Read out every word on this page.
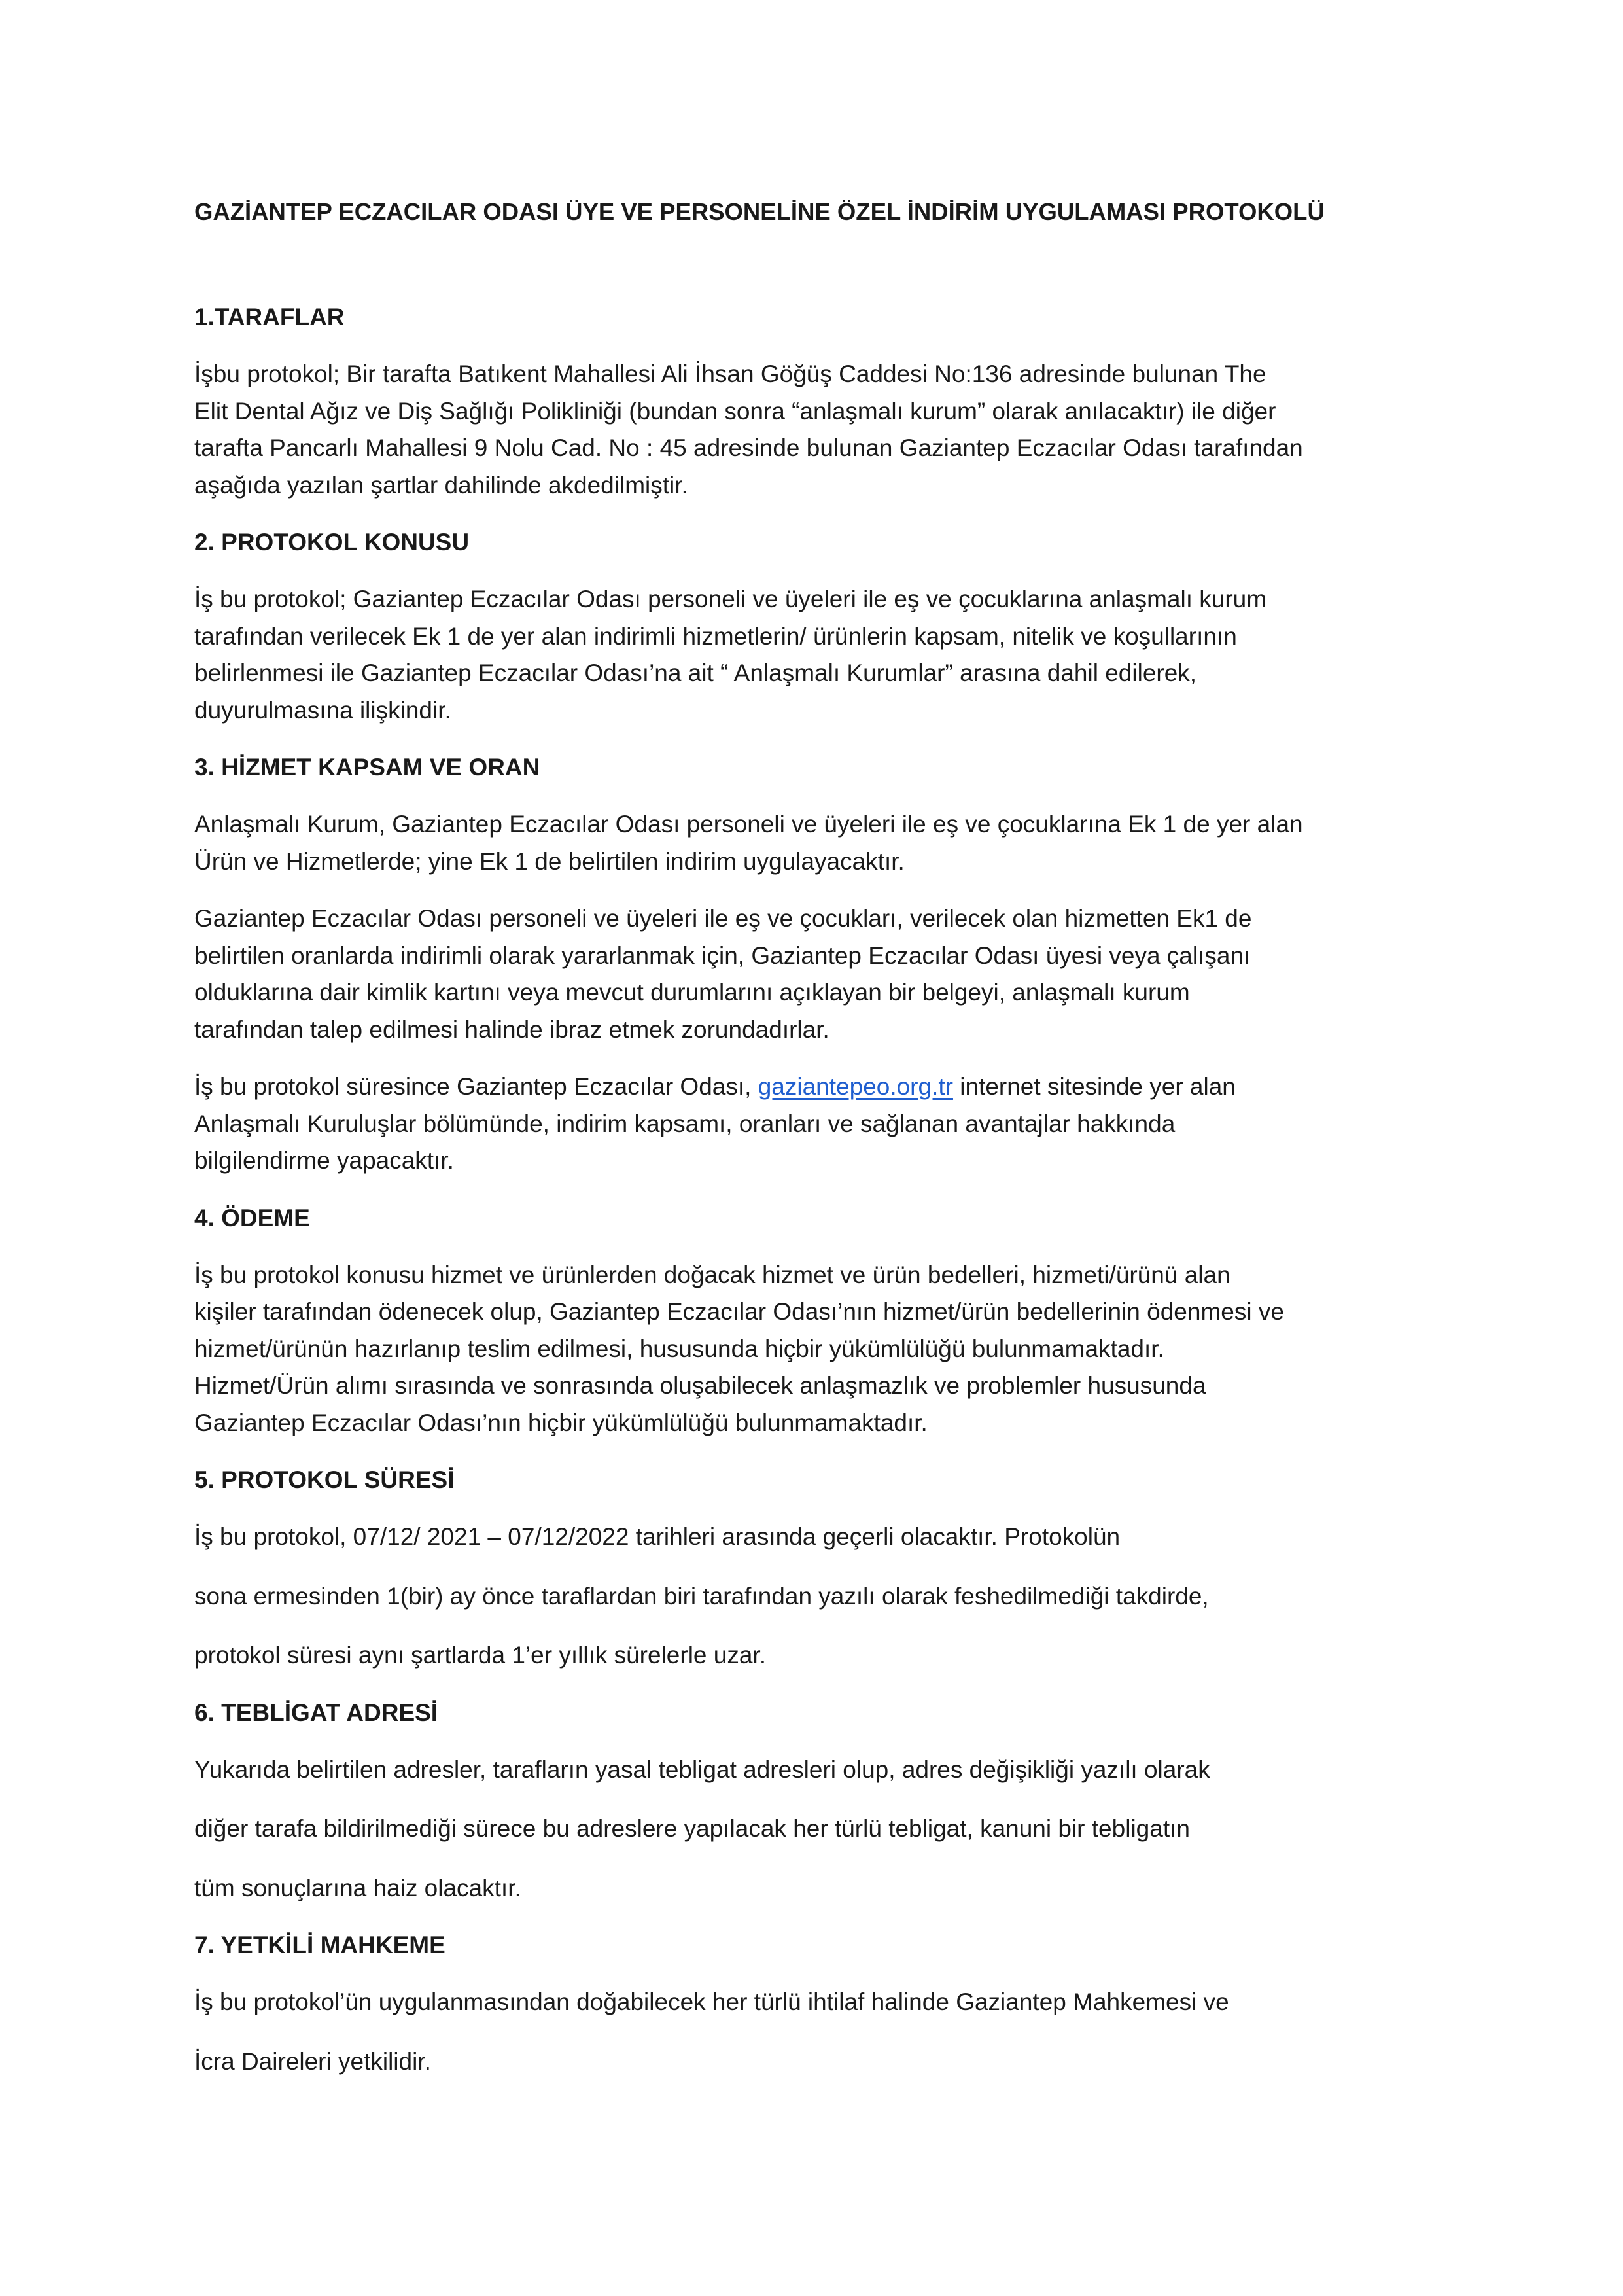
GAZİANTEP ECZACILAR ODASI ÜYE VE PERSONELİNE ÖZEL İNDİRİM UYGULAMASI PROTOKOLÜ
1.TARAFLAR
İşbu protokol; Bir tarafta Batıkent Mahallesi Ali İhsan Göğüş Caddesi No:136 adresinde bulunan The
Elit Dental Ağız ve Diş Sağlığı Polikliniği (bundan sonra “anlaşmalı kurum” olarak anılacaktır) ile diğer
tarafta Pancarlı Mahallesi 9 Nolu Cad. No : 45 adresinde bulunan Gaziantep Eczacılar Odası tarafından
aşağıda yazılan şartlar dahilinde akdedilmiştir.
2. PROTOKOL KONUSU
İş bu protokol; Gaziantep Eczacılar Odası personeli ve üyeleri ile eş ve çocuklarına anlaşmalı kurum
tarafından verilecek Ek 1 de yer alan indirimli hizmetlerin/ ürünlerin kapsam, nitelik ve koşullarının
belirlenmesi ile Gaziantep Eczacılar Odası’na ait “ Anlaşmalı Kurumlar” arasına dahil edilerek,
duyurulmasına ilişkindir.
3. HİZMET KAPSAM VE ORAN
Anlaşmalı Kurum, Gaziantep Eczacılar Odası personeli ve üyeleri ile eş ve çocuklarına Ek 1 de yer alan
Ürün ve Hizmetlerde; yine Ek 1 de belirtilen indirim uygulayacaktır.
Gaziantep Eczacılar Odası personeli ve üyeleri ile eş ve çocukları, verilecek olan hizmetten Ek1 de
belirtilen oranlarda indirimli olarak yararlanmak için, Gaziantep Eczacılar Odası üyesi veya çalışanı
olduklarına dair kimlik kartını veya mevcut durumlarını açıklayan bir belgeyi, anlaşmalı kurum
tarafından talep edilmesi halinde ibraz etmek zorundadırlar.
İş bu protokol süresince Gaziantep Eczacılar Odası, gaziantepeo.org.tr internet sitesinde yer alan
Anlaşmalı Kuruluşlar bölümünde, indirim kapsamı, oranları ve sağlanan avantajlar hakkında
bilgilendirme yapacaktır.
4. ÖDEME
İş bu protokol konusu hizmet ve ürünlerden doğacak hizmet ve ürün bedelleri, hizmeti/ürünü alan
kişiler tarafından ödenecek olup, Gaziantep Eczacılar Odası’nın hizmet/ürün bedellerinin ödenmesi ve
hizmet/ürünün hazırlanıp teslim edilmesi, hususunda hiçbir yükümlülüğü bulunmamaktadır.
Hizmet/Ürün alımı sırasında ve sonrasında oluşabilecek anlaşmazlık ve problemler hususunda
Gaziantep Eczacılar Odası’nın hiçbir yükümlülüğü bulunmamaktadır.
5. PROTOKOL SÜRESİ
İş bu protokol, 07/12/ 2021 – 07/12/2022 tarihleri arasında geçerli olacaktır. Protokolün
sona ermesinden 1(bir) ay önce taraflardan biri tarafından yazılı olarak feshedilmediği takdirde,
protokol süresi aynı şartlarda 1’er yıllık sürelerle uzar.
6. TEBLİGAT ADRESİ
Yukarıda belirtilen adresler, tarafların yasal tebligat adresleri olup, adres değişikliği yazılı olarak
diğer tarafa bildirilmediği sürece bu adreslere yapılacak her türlü tebligat, kanuni bir tebligatın
tüm sonuçlarına haiz olacaktır.
7. YETKİLİ MAHKEME
İş bu protokol’ün uygulanmasından doğabilecek her türlü ihtilaf halinde Gaziantep Mahkemesi ve
İcra Daireleri yetkilidir.
